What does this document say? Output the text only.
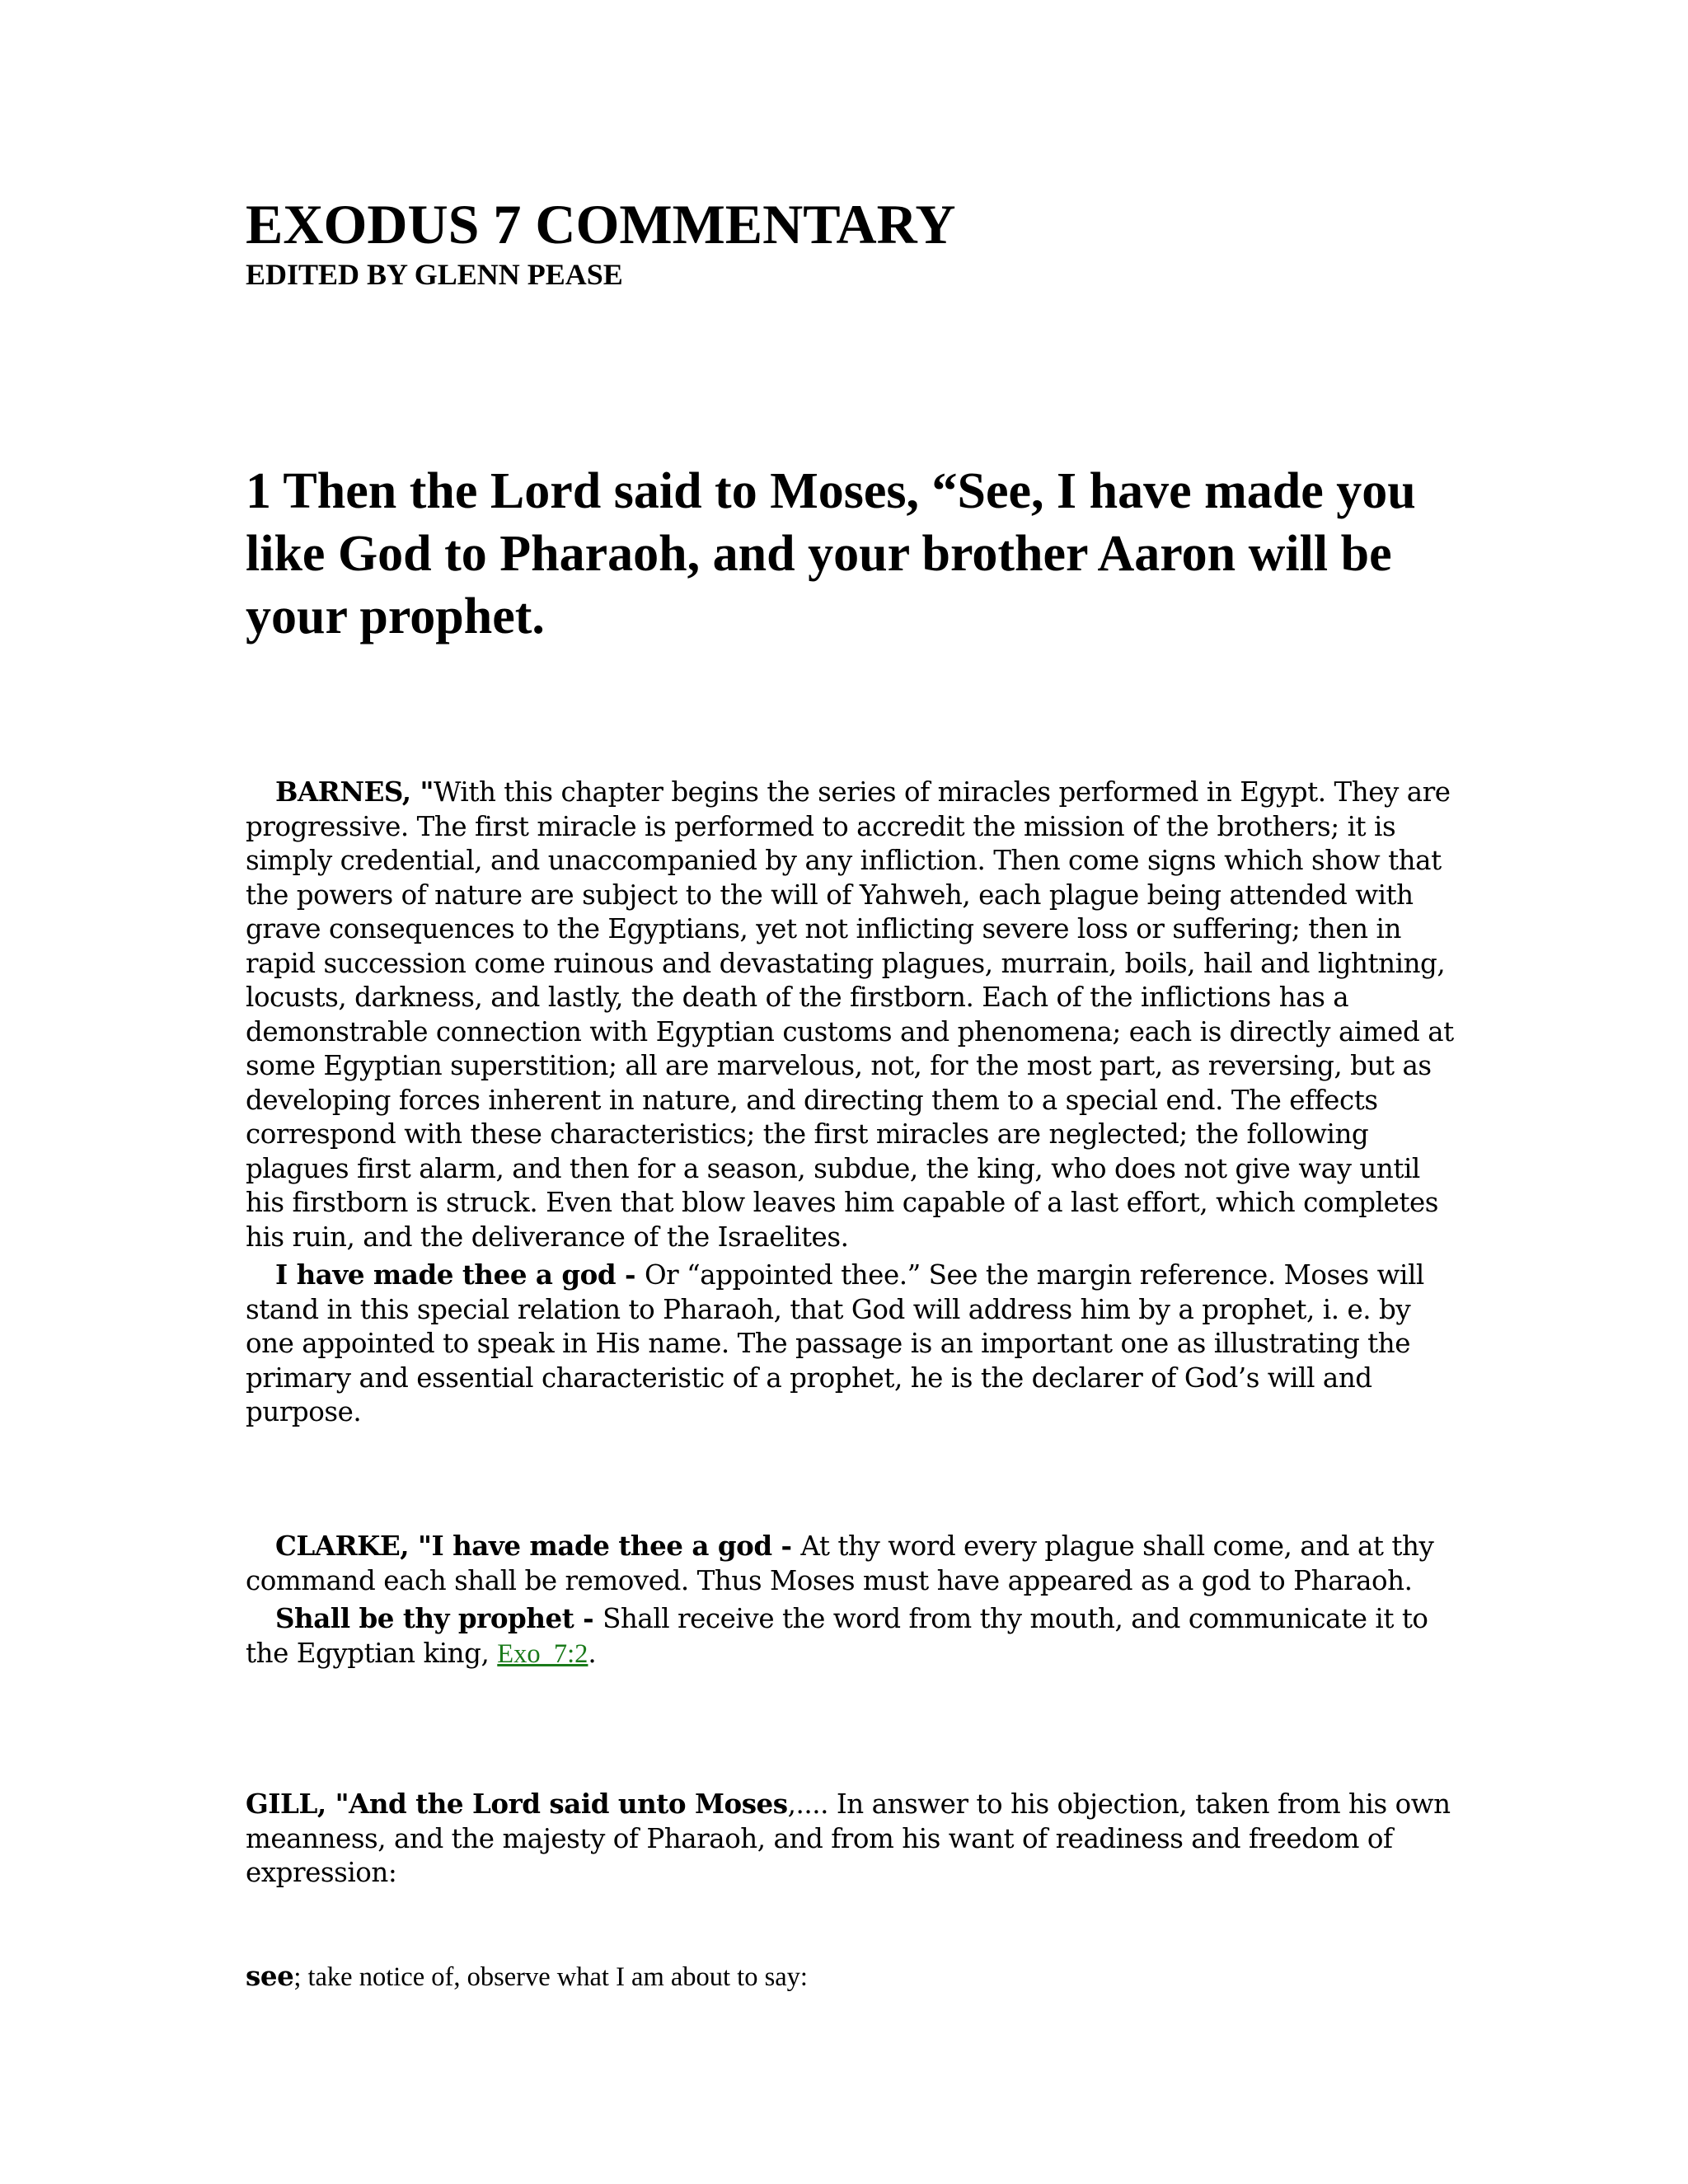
EXODUS 7 COMMENTARY
EDITED BY GLENN PEASE
1 Then the Lord said to Moses, “See, I have made you like God to Pharaoh, and your brother Aaron will be your prophet.

BARNES, "With this chapter begins the series of miracles performed in Egypt. They are progressive. The first miracle is performed to accredit the mission of the brothers; it is simply credential, and unaccompanied by any infliction. Then come signs which show that the powers of nature are subject to the will of Yahweh, each plague being attended with grave consequences to the Egyptians, yet not inflicting severe loss or suffering; then in rapid succession come ruinous and devastating plagues, murrain, boils, hail and lightning, locusts, darkness, and lastly, the death of the firstborn. Each of the inflictions has a demonstrable connection with Egyptian customs and phenomena; each is directly aimed at some Egyptian superstition; all are marvelous, not, for the most part, as reversing, but as developing forces inherent in nature, and directing them to a special end. The effects correspond with these characteristics; the first miracles are neglected; the following plagues first alarm, and then for a season, subdue, the king, who does not give way until his firstborn is struck. Even that blow leaves him capable of a last effort, which completes his ruin, and the deliverance of the Israelites.

I have made thee a god - Or “appointed thee.” See the margin reference. Moses will stand in this special relation to Pharaoh, that God will address him by a prophet, i. e. by one appointed to speak in His name. The passage is an important one as illustrating the primary and essential characteristic of a prophet, he is the declarer of God’s will and purpose.

CLARKE, "I have made thee a god - At thy word every plague shall come, and at thy command each shall be removed. Thus Moses must have appeared as a god to Pharaoh.

Shall be thy prophet - Shall receive the word from thy mouth, and communicate it to the Egyptian king, Exo_7:2.

GILL, "And the Lord said unto Moses,.... In answer to his objection, taken from his own meanness, and the majesty of Pharaoh, and from his want of readiness and freedom of expression:

see; take notice of, observe what I am about to say:
